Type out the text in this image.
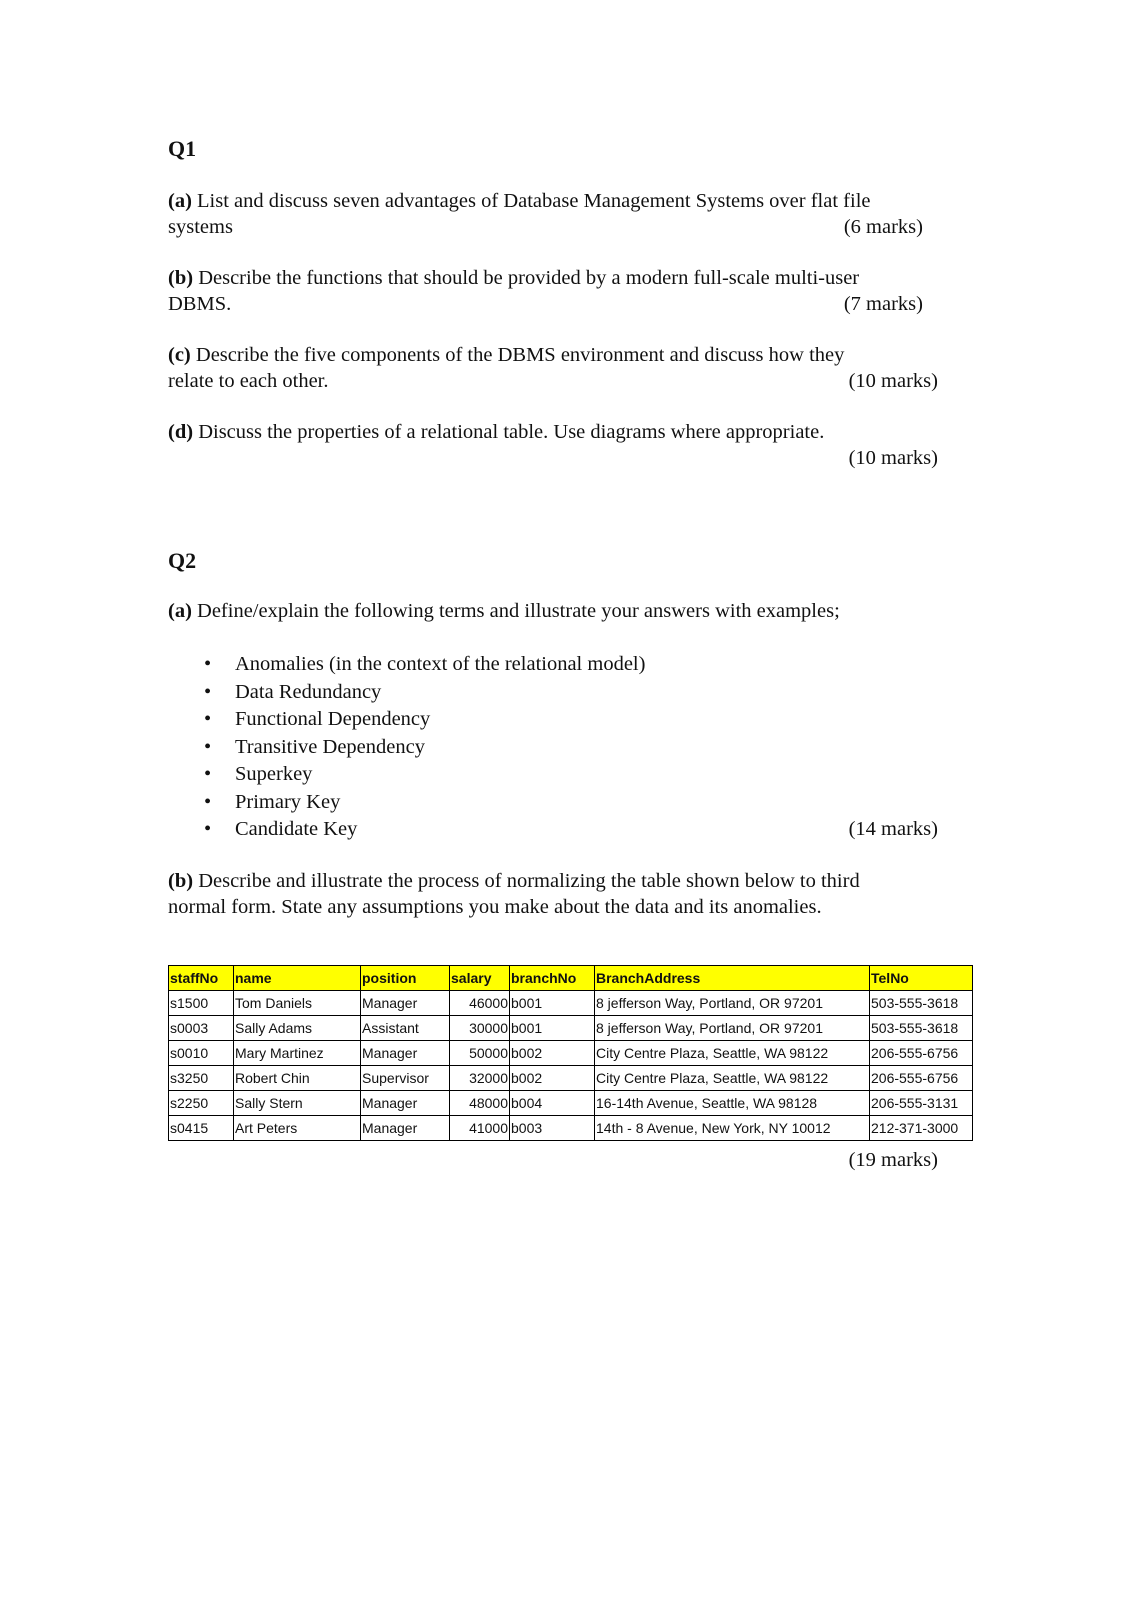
Q1
(a) List and discuss seven advantages of Database Management Systems over flat file
systems	(6 marks)
(b) Describe the functions that should be provided by a modern full-scale multi-user
DBMS.	(7 marks)
(c) Describe the five components of the DBMS environment and discuss how they
relate to each other.	(10 marks)
(d) Discuss the properties of a relational table. Use diagrams where appropriate.
(10 marks)
Q2
(a) Define/explain the following terms and illustrate your answers with examples;
• Anomalies (in the context of the relational model)
• Data Redundancy
• Functional Dependency
• Transitive Dependency
• Superkey
• Primary Key
• Candidate Key	(14 marks)
(b) Describe and illustrate the process of normalizing the table shown below to third
normal form. State any assumptions you make about the data and its anomalies.
staffNo	name	position	salary	branchNo	BranchAddress	TelNo
s1500	Tom Daniels	Manager	46000	b001	8 jefferson Way, Portland, OR 97201	503-555-3618
s0003	Sally Adams	Assistant	30000	b001	8 jefferson Way, Portland, OR 97201	503-555-3618
s0010	Mary Martinez	Manager	50000	b002	City Centre Plaza, Seattle, WA 98122	206-555-6756
s3250	Robert Chin	Supervisor	32000	b002	City Centre Plaza, Seattle, WA 98122	206-555-6756
s2250	Sally Stern	Manager	48000	b004	16-14th Avenue, Seattle, WA 98128	206-555-3131
s0415	Art Peters	Manager	41000	b003	14th - 8 Avenue, New York, NY 10012	212-371-3000
(19 marks)
